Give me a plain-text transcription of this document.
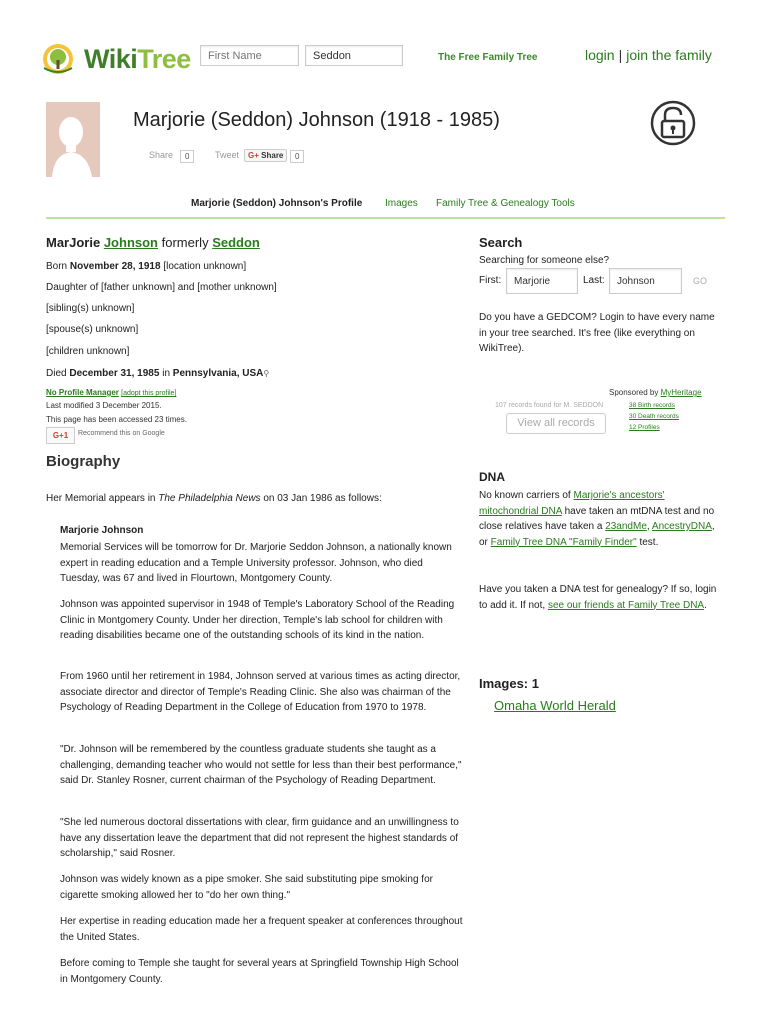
WikiTree
First Name
Seddon	The Free Family Tree	login | join the family
Marjorie (Seddon) Johnson (1918 - 1985)
Share	0	Tweet	G+ Share	0
Marjorie (Seddon) Johnson's Profile Images Family Tree & Genealogy Tools
MarJorie Johnson formerly Seddon
Born November 28, 1918 [location unknown]
Daughter of [father unknown] and [mother unknown]
[sibling(s) unknown]
[spouse(s) unknown]
[children unknown]
Died December 31, 1985 in Pennsylvania, USA⚲
No Profile Manager [adopt this profile]
Last modified 3 December 2015.
This page has been accessed 23 times.
G+1	Recommend this on Google
Biography
Her Memorial appears in The Philadelphia News on 03 Jan 1986 as follows:
Marjorie Johnson

Memorial Services will be tomorrow for Dr. Marjorie Seddon Johnson, a nationally known expert in reading education and a Temple University professor. Johnson, who died Tuesday, was 67 and lived in Flourtown, Montgomery County.

Johnson was appointed supervisor in 1948 of Temple's Laboratory School of the Reading Clinic in Montgomery County. Under her direction, Temple's lab school for children with reading disabilities became one of the outstanding schools of its kind in the nation.

From 1960 until her retirement in 1984, Johnson served at various times as acting director, associate director and director of Temple's Reading Clinic. She also was chairman of the Psychology of Reading Department in the College of Education from 1970 to 1978.

"Dr. Johnson will be remembered by the countless graduate students she taught as a challenging, demanding teacher who would not settle for less than their best performance," said Dr. Stanley Rosner, current chairman of the Psychology of Reading Department.

"She led numerous doctoral dissertations with clear, firm guidance and an unwillingness to have any dissertation leave the department that did not represent the highest standards of scholarship," said Rosner.

Johnson was widely known as a pipe smoker. She said substituting pipe smoking for cigarette smoking allowed her to "do her own thing."

Her expertise in reading education made her a frequent speaker at conferences throughout the United States.

Before coming to Temple she taught for several years at Springfield Township High School in Montgomery County.

Search
Searching for someone else?
First:
Marjorie	Last:
Johnson	GO

Do you have a GEDCOM? Login to have every name in your tree searched. It's free (like everything on WikiTree).

Sponsored by MyHeritage
107 records found for M. SEDDON
View all records
38 Birth records
30 Death records
12 Profiles
DNA

No known carriers of Marjorie's ancestors' mitochondrial DNA have taken an mtDNA test and no close relatives have taken a 23andMe, AncestryDNA, or Family Tree DNA "Family Finder" test.

Have you taken a DNA test for genealogy? If so, login to add it. If not, see our friends at Family Tree DNA.

Images: 1
Omaha World Herald
